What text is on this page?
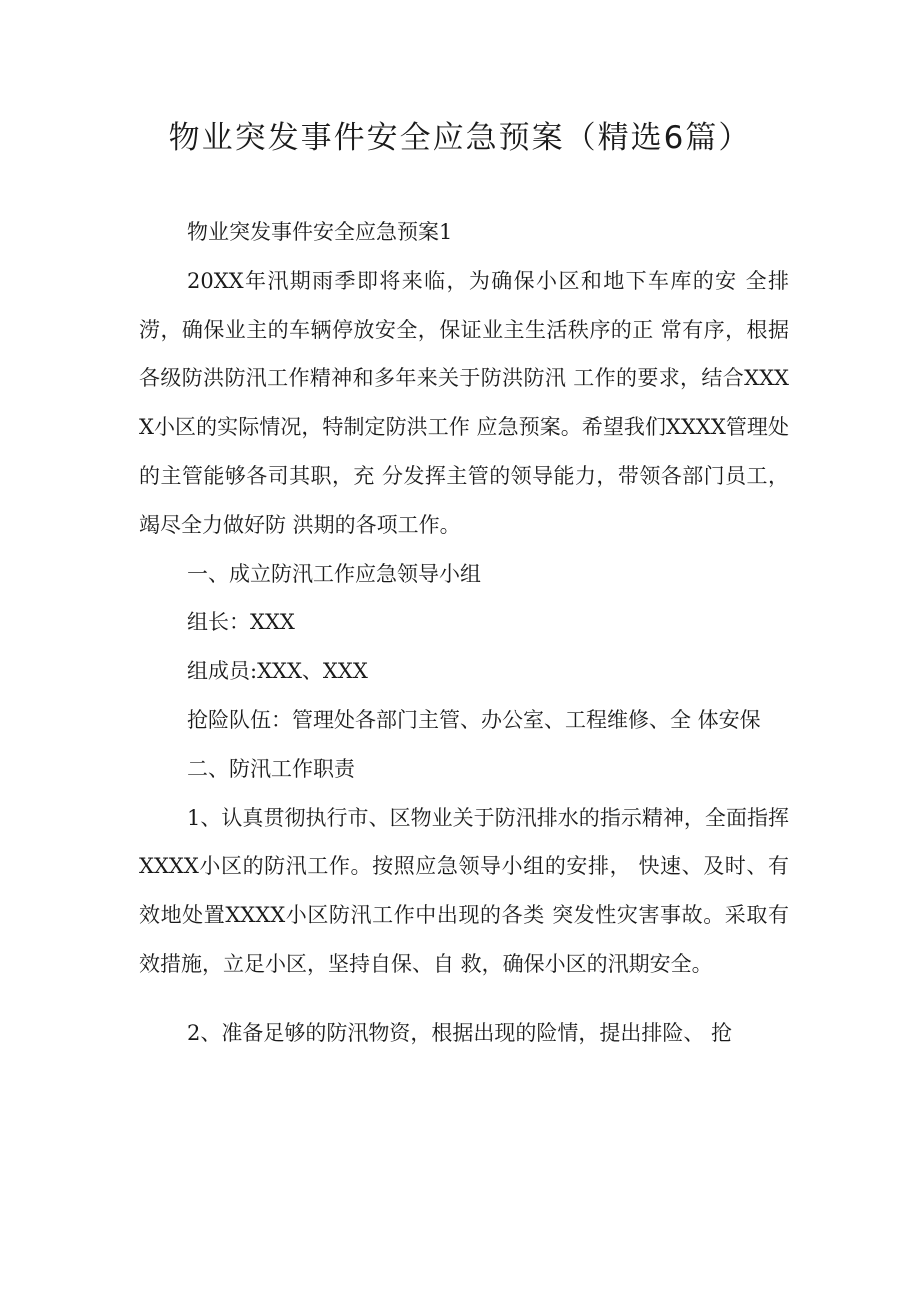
物业突发事件安全应急预案（精选6篇）

物业突发事件安全应急预案1

20XX年汛期雨季即将来临，为确保小区和地下车库的安 全排涝，确保业主的车辆停放安全，保证业主生活秩序的正 常有序，根据各级防洪防汛工作精神和多年来关于防洪防汛 工作的要求，结合XXXX小区的实际情况，特制定防洪工作 应急预案。希望我们XXXX管理处的主管能够各司其职，充 分发挥主管的领导能力，带领各部门员工，竭尽全力做好防 洪期的各项工作。

一、成立防汛工作应急领导小组

组长：XXX

组成员:XXX、XXX

抢险队伍：管理处各部门主管、办公室、工程维修、全 体安保

二、防汛工作职责

1、认真贯彻执行市、区物业关于防汛排水的指示精神，全面指挥XXXX小区的防汛工作。按照应急领导小组的安排， 快速、及时、有效地处置XXXX小区防汛工作中出现的各类 突发性灾害事故。采取有效措施，立足小区，坚持自保、自 救，确保小区的汛期安全。

2、准备足够的防汛物资，根据出现的险情，提出排险、 抢
